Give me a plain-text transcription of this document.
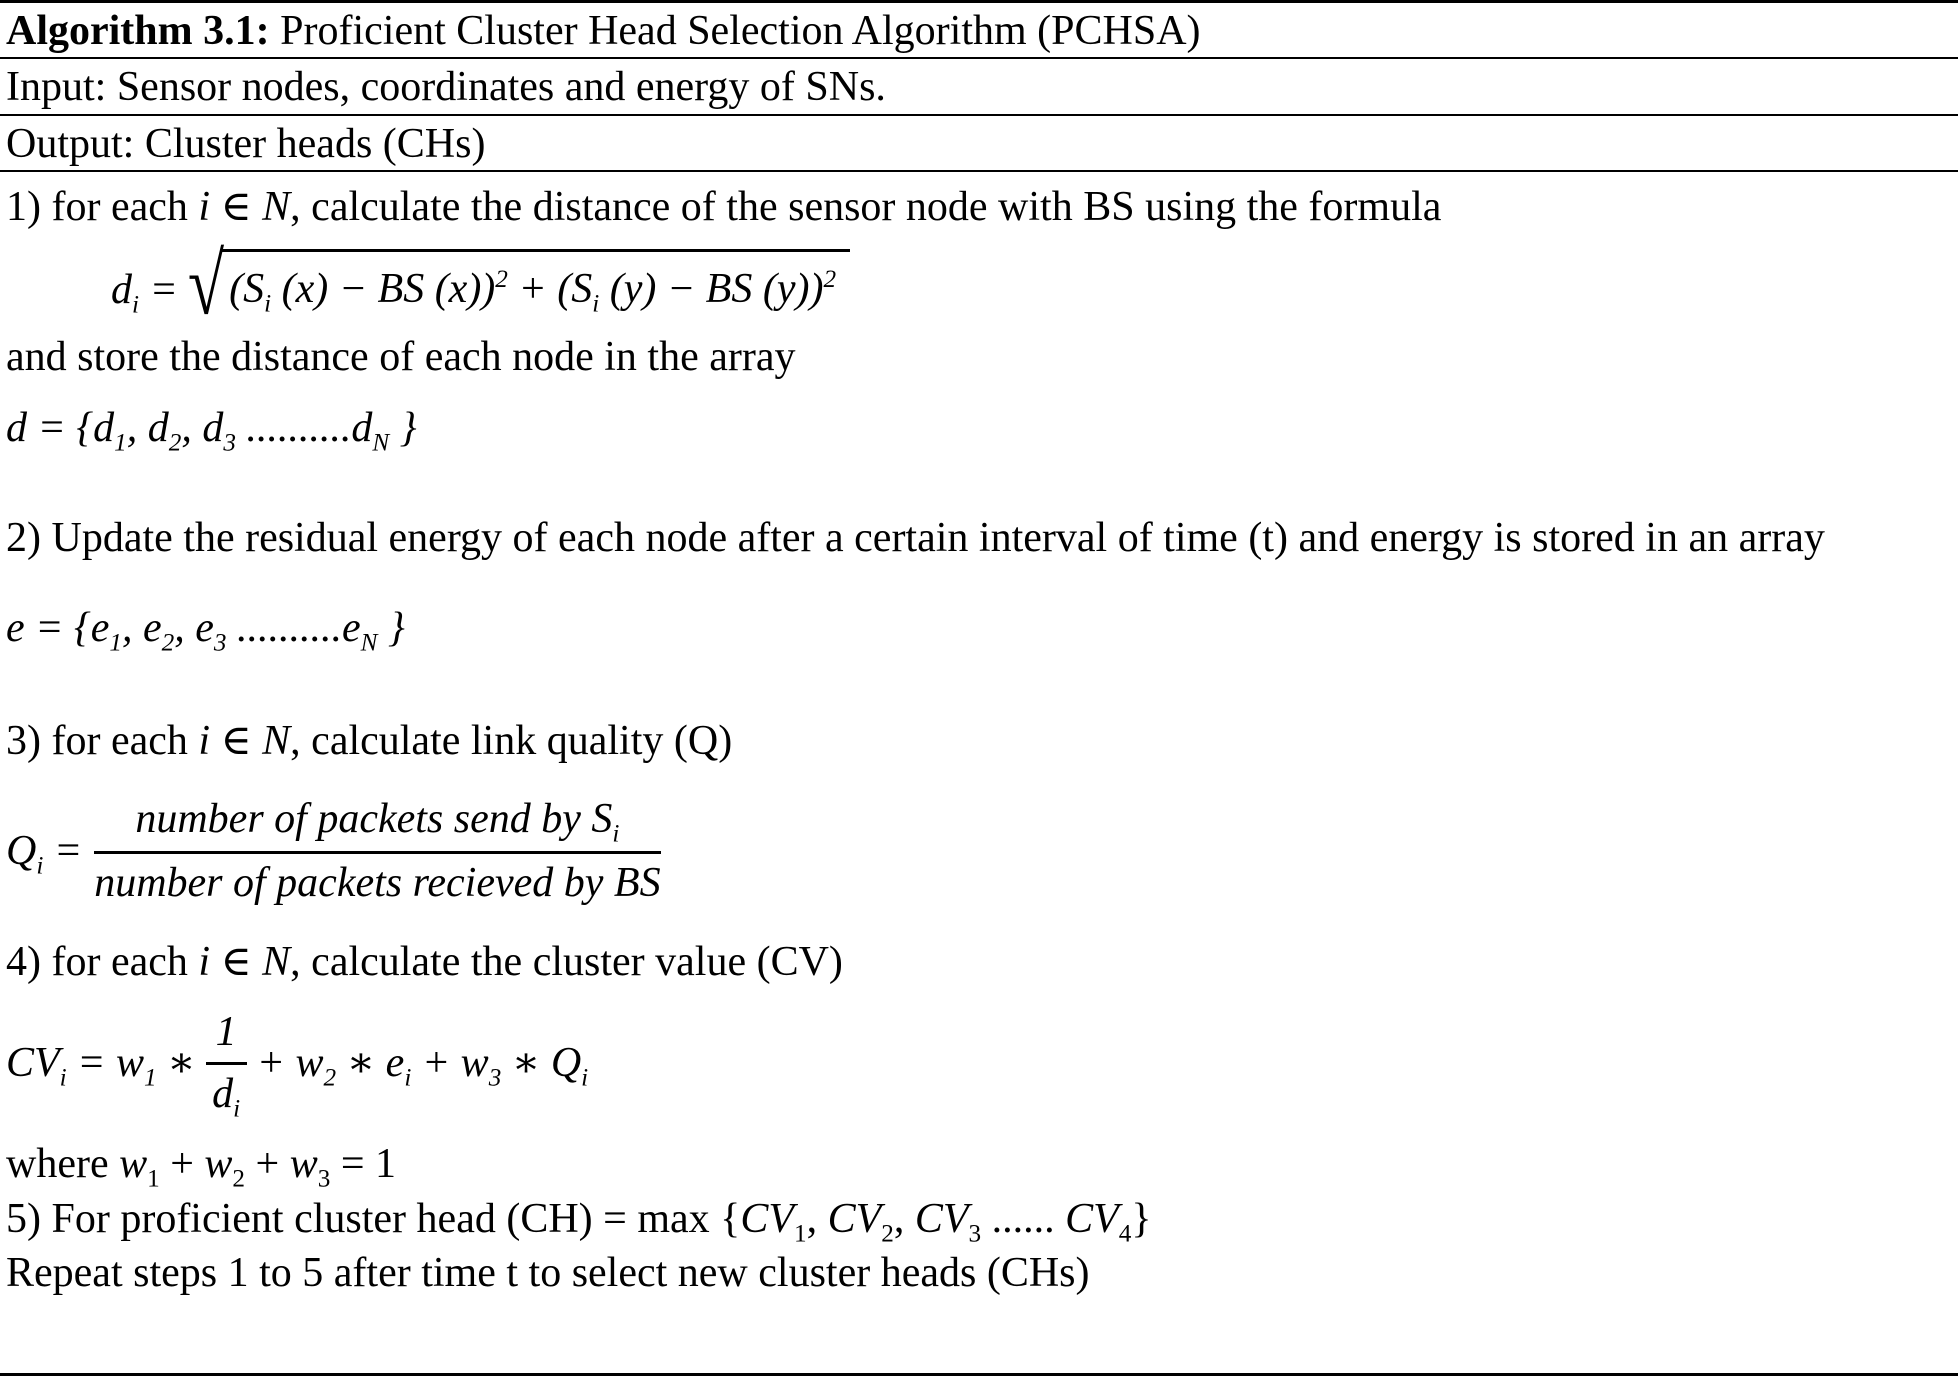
Algorithm 3.1: Proficient Cluster Head Selection Algorithm (PCHSA)
Input: Sensor nodes, coordinates and energy of SNs.
Output: Cluster heads (CHs)

1) for each i ∈ N, calculate the distance of the sensor node with BS using the formula

$d_i$ = √ ($S_i$ (x) − BS $(x))^2 + (S_i$ (y) − BS (y))$^2$

and store the distance of each node in the array

$d = \{d_1$, $d_2$, $d_3$ $..........d_N$ }

2) Update the residual energy of each node after a certain interval of time (t) and energy is stored in an array

$e = \{e_1$, $e_2$, $e_3$ $..........e_N$ }

3) for each i ∈ N, calculate link quality (Q)

$Q_i = \frac{number of packets send by S_i}{\text{number of packets recieved by BS}}$

4) for each i ∈ N, calculate the cluster value (CV)

$CV_i = w_1$ ∗ $\frac{1}{d_i} + w_2$ ∗ $e_i + w_3$ ∗ $Q_i$

where $w_1 + w_2 + w_3 = 1$

5) For proficient cluster head $(CH) = \max \{CV_1$, $CV_2$, $CV_3$ ...... $CV_4$}

Repeat steps 1 to 5 after time t to select new cluster heads (CHs)
